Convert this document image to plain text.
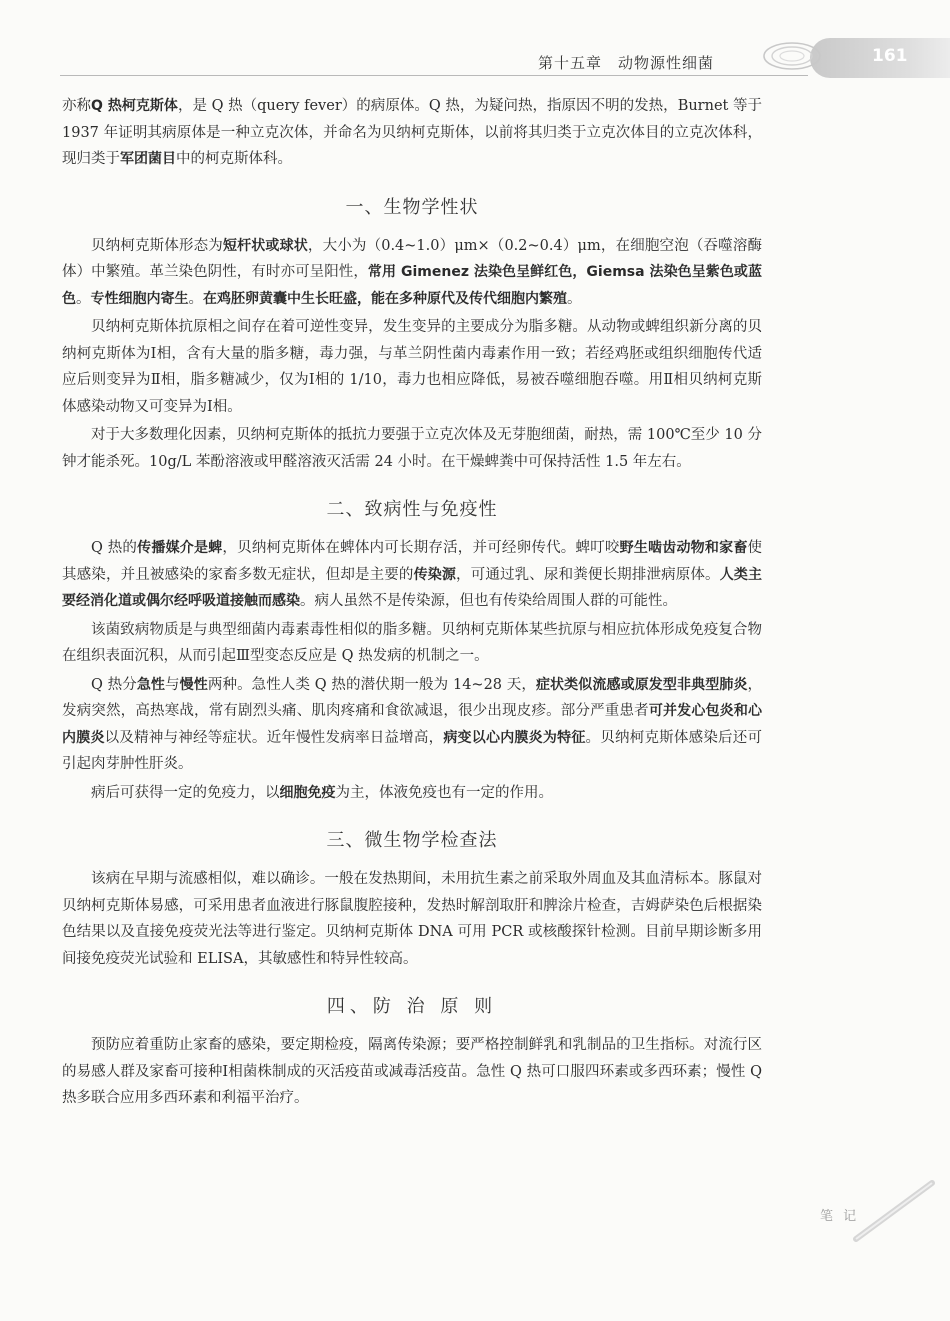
161
第十五章　动物源性细菌

亦称Q 热柯克斯体，是 Q 热（query fever）的病原体。Q 热，为疑问热，指原因不明的发热，Burnet 等于 1937 年证明其病原体是一种立克次体，并命名为贝纳柯克斯体，以前将其归类于立克次体目的立克次体科，现归类于军团菌目中的柯克斯体科。

一、生物学性状

贝纳柯克斯体形态为短杆状或球状，大小为（0.4~1.0）μm×（0.2~0.4）μm，在细胞空泡（吞噬溶酶体）中繁殖。革兰染色阴性，有时亦可呈阳性，常用 Gimenez 法染色呈鲜红色，Giemsa 法染色呈紫色或蓝色。专性细胞内寄生。在鸡胚卵黄囊中生长旺盛，能在多种原代及传代细胞内繁殖。

贝纳柯克斯体抗原相之间存在着可逆性变异，发生变异的主要成分为脂多糖。从动物或蜱组织新分离的贝纳柯克斯体为Ⅰ相，含有大量的脂多糖，毒力强，与革兰阴性菌内毒素作用一致；若经鸡胚或组织细胞传代适应后则变异为Ⅱ相，脂多糖减少，仅为Ⅰ相的 1/10，毒力也相应降低，易被吞噬细胞吞噬。用Ⅱ相贝纳柯克斯体感染动物又可变异为Ⅰ相。

对于大多数理化因素，贝纳柯克斯体的抵抗力要强于立克次体及无芽胞细菌，耐热，需 100℃至少 10 分钟才能杀死。10g/L 苯酚溶液或甲醛溶液灭活需 24 小时。在干燥蜱粪中可保持活性 1.5 年左右。

二、致病性与免疫性

Q 热的传播媒介是蜱，贝纳柯克斯体在蜱体内可长期存活，并可经卵传代。蜱叮咬野生啮齿动物和家畜使其感染，并且被感染的家畜多数无症状，但却是主要的传染源，可通过乳、尿和粪便长期排泄病原体。人类主要经消化道或偶尔经呼吸道接触而感染。病人虽然不是传染源，但也有传染给周围人群的可能性。

该菌致病物质是与典型细菌内毒素毒性相似的脂多糖。贝纳柯克斯体某些抗原与相应抗体形成免疫复合物在组织表面沉积，从而引起Ⅲ型变态反应是 Q 热发病的机制之一。

Q 热分急性与慢性两种。急性人类 Q 热的潜伏期一般为 14~28 天，症状类似流感或原发型非典型肺炎，发病突然，高热寒战，常有剧烈头痛、肌肉疼痛和食欲减退，很少出现皮疹。部分严重患者可并发心包炎和心内膜炎以及精神与神经等症状。近年慢性发病率日益增高，病变以心内膜炎为特征。贝纳柯克斯体感染后还可引起肉芽肿性肝炎。

病后可获得一定的免疫力，以细胞免疫为主，体液免疫也有一定的作用。

三、微生物学检查法

该病在早期与流感相似，难以确诊。一般在发热期间，未用抗生素之前采取外周血及其血清标本。豚鼠对贝纳柯克斯体易感，可采用患者血液进行豚鼠腹腔接种，发热时解剖取肝和脾涂片检查，吉姆萨染色后根据染色结果以及直接免疫荧光法等进行鉴定。贝纳柯克斯体 DNA 可用 PCR 或核酸探针检测。目前早期诊断多用间接免疫荧光试验和 ELISA，其敏感性和特异性较高。

四、防 治 原 则

预防应着重防止家畜的感染，要定期检疫，隔离传染源；要严格控制鲜乳和乳制品的卫生指标。对流行区的易感人群及家畜可接种Ⅰ相菌株制成的灭活疫苗或减毒活疫苗。急性 Q 热可口服四环素或多西环素；慢性 Q 热多联合应用多西环素和利福平治疗。

笔 记
